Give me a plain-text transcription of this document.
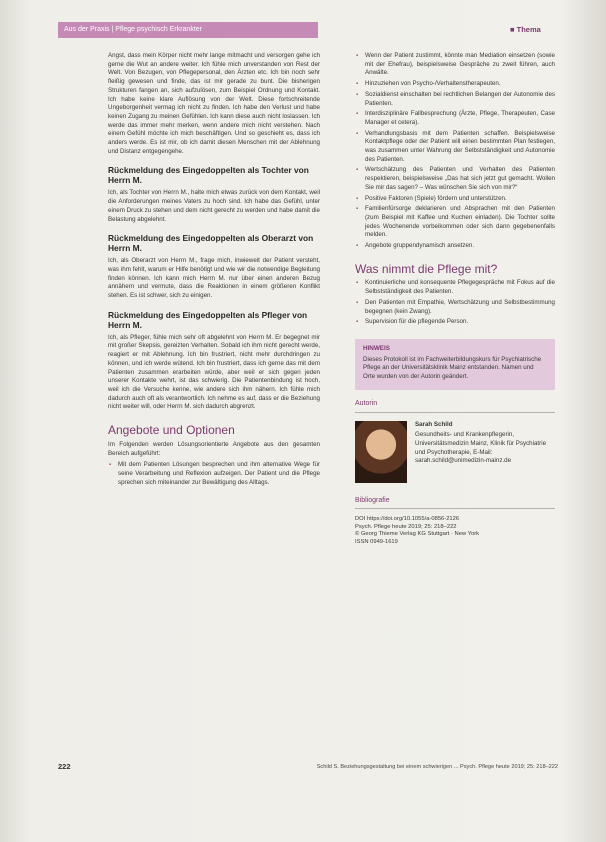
Aus der Praxis | Pflege psychisch Erkrankter	■ Thema

Angst, dass mein Körper nicht mehr lange mitmacht und versorgen gehe ich gerne die Wut an andere weiter. Ich fühle mich unverstanden von Rest der Welt. Von Bezugen, von Pflegepersonal, den Ärzten etc. Ich bin noch sehr fleißig gewesen und finde, das ist mir gerade zu bunt. Die bisherigen Strukturen fangen an, sich aufzulösen, zum Beispiel Ordnung und Kontakt. Ich habe keine klare Auflösung von der Welt. Diese fortschreitende Ungeborgenheit vermag ich nicht zu finden. Ich habe den Verlust und habe keinen Zugang zu meinen Gefühlen. Ich kann diese auch nicht loslassen. Ich werde das immer mehr merken, wenn andere mich nicht verstehen. Nach einem Gefühl möchte ich mich beschäftigen. Und so geschieht es, dass ich anders werde. Es ist mir, ob ich damit diesen Menschen mit der Ablehnung und Distanz entgegengehe.

Rückmeldung des Eingedoppelten als Tochter von Herrn M.

Ich, als Tochter von Herrn M., halte mich etwas zurück von dem Kontakt, weil die Anforderungen meines Vaters zu hoch sind. Ich habe das Gefühl, unter einem Druck zu stehen und dem nicht gerecht zu werden und habe damit die Belastung abgelehnt.

Rückmeldung des Eingedoppelten als Oberarzt von Herrn M.

Ich, als Oberarzt von Herrn M., frage mich, inwieweit der Patient versteht, was ihm fehlt, warum er Hilfe benötigt und wie wir die notwendige Begleitung finden können. Ich kann mich Herrn M. nur über einen anderen Bezug annähern und vermute, dass die Reaktionen in einem größeren Konflikt stehen. Es ist schwer, sich zu einigen.

Rückmeldung des Eingedoppelten als Pfleger von Herrn M.

Ich, als Pfleger, fühle mich sehr oft abgelehnt von Herrn M. Er begegnet mir mit großer Skepsis, gereizten Verhalten. Sobald ich ihm nicht gerecht werde, reagiert er mit Ablehnung. Ich bin frustriert, nicht mehr durchdringen zu können, und ich werde wütend. Ich bin frustriert, dass ich gerne das mit dem Patienten zusammen erarbeiten würde, aber weil er sich gegen jeden unserer Kontakte wehrt, ist das schwierig. Die Patientenbindung ist hoch, weil ich die Versuche kenne, wie andere sich ihm nähern. Ich fühle mich dadurch auch oft als verantwortlich. Ich nehme es auf, dass er die Beziehung nicht weiter will, oder Herrn M. sich dadurch abgrenzt.

Angebote und Optionen

Im Folgenden werden Lösungsorientierte Angebote aus den gesamten Bereich aufgeführt:

▪ Mit dem Patienten Lösungen besprechen und ihm alternative Wege für seine Verarbeitung und Reflexion aufzeigen. Der Patient und die Pflege sprechen sich miteinander zur Bewältigung des Alltags.
▪ Wenn der Patient zustimmt, könnte man Mediation einsetzen (sowie mit der Ehefrau), beispielsweise Gespräche zu zweit führen, auch Anwälte.
▪ Hinzuziehen von Psycho-/Verhaltenstherapeuten.
▪ Sozialdienst einschalten bei rechtlichen Belangen der Autonomie des Patienten.
▪ Interdisziplinäre Fallbesprechung (Ärzte, Pflege, Therapeuten, Case Manager et cetera).
▪ Verhandlungsbasis mit dem Patienten schaffen. Beispielsweise Kontaktpflege oder der Patient will einen bestimmten Plan festlegen, was zusammen unter Wahrung der Selbstständigkeit und Autonomie des Patienten.
▪ Wertschätzung des Patienten und Verhalten des Patienten respektieren, beispielsweise „Das hat sich jetzt gut gemacht. Wollen Sie mir das sagen? – Was wünschen Sie sich von mir?“
▪ Positive Faktoren (Spiele) fördern und unterstützen.
▪ Familienfürsorge deklarieren und Absprachen mit den Patienten (zum Beispiel mit Kaffee und Kuchen einladen). Die Tochter sollte jedes Wochenende vorbeikommen oder sich dann gegebenenfalls melden.
▪ Angebote gruppendynamisch ansetzen.
Was nimmt die Pflege mit?
▪ Kontinuierliche und konsequente Pflegegespräche mit Fokus auf die Selbstständigkeit des Patienten.
▪ Den Patienten mit Empathie, Wertschätzung und Selbstbestimmung begegnen (kein Zwang).
▪ Supervision für die pflegende Person.
HINWEIS
Dieses Protokoll ist im Fachweiterbildungskurs für Psychiatrische Pflege an der Universitätsklinik Mainz entstanden. Namen und Orte wurden von der Autorin geändert.
Autorin
Sarah Schild
Gesundheits- und Krankenpflegerin, Universitätsmedizin Mainz, Klinik für Psychiatrie und Psychotherapie, E-Mail: sarah.schild@unimedizin-mainz.de
Bibliografie
DOI https://doi.org/10.1055/a-0856-2126
Psych. Pflege heute 2019; 25: 218–222
© Georg Thieme Verlag KG Stuttgart · New York
ISSN 0949-1619
222	Schild S. Beziehungsgestaltung bei einem schwierigen ... Psych. Pflege heute 2019; 25: 218–222
